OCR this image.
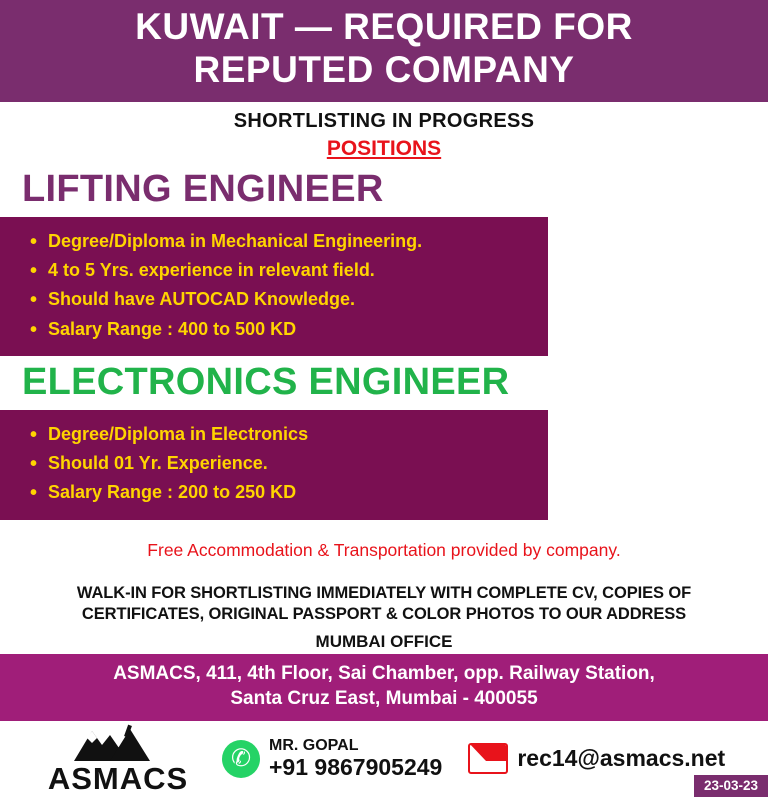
KUWAIT — REQUIRED FOR
REPUTED COMPANY
SHORTLISTING IN PROGRESS
POSITIONS
LIFTING ENGINEER
• Degree/Diploma in Mechanical Engineering.
• 4 to 5 Yrs. experience in relevant field.
• Should have AUTOCAD Knowledge.
• Salary Range : 400 to 500 KD
ELECTRONICS ENGINEER
• Degree/Diploma in Electronics
• Should 01 Yr. Experience.
• Salary Range : 200 to 250 KD
Free Accommodation & Transportation provided by company.
WALK-IN FOR SHORTLISTING IMMEDIATELY WITH COMPLETE CV, COPIES OF
CERTIFICATES, ORIGINAL PASSPORT & COLOR PHOTOS TO OUR ADDRESS
MUMBAI OFFICE
ASMACS, 411, 4th Floor, Sai Chamber, opp. Railway Station,
Santa Cruz East, Mumbai - 400055
ASMACS
✆	MR. GOPAL
+91 9867905249	rec14@asmacs.net
23-03-23
